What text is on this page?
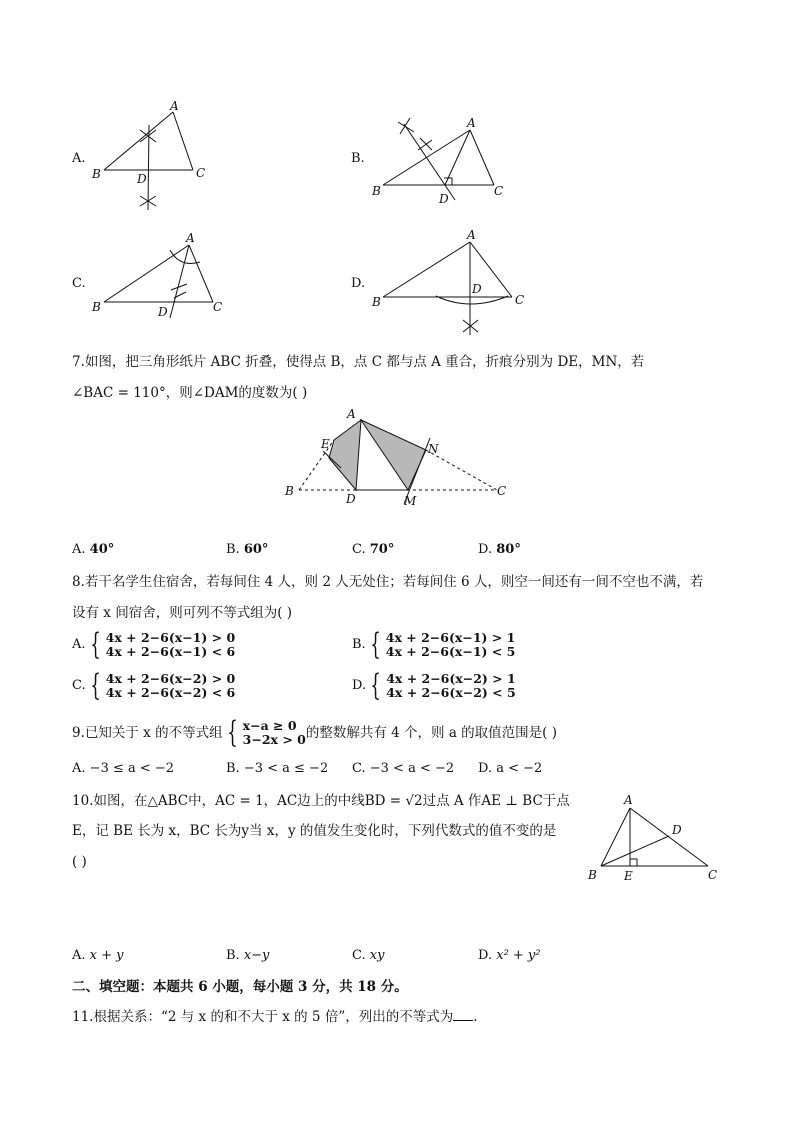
A.
A
B	C
D
B.
A
B	C
D
C.
A
B	C
D
D.
A
B	C
D
7.如图，把三角形纸片 ABC 折叠，使得点 B，点 C 都与点 A 重合，折痕分别为 DE，MN，若
∠BAC = 110°，则∠DAM的度数为( )
A
E	N
B	C
D	M
A. 40°	B. 60°	C. 70°	D. 80°
8.若干名学生住宿舍，若每间住 4 人，则 2 人无处住；若每间住 6 人，则空一间还有一间不空也不满，若
设有 x 间宿舍，则可列不等式组为( )
A. { 4x + 2−6(x−1) > 0
4x + 2−6(x−1) < 6	B. { 4x + 2−6(x−1) > 1
4x + 2−6(x−1) < 5
C. { 4x + 2−6(x−2) > 0
4x + 2−6(x−2) < 6	D. { 4x + 2−6(x−2) > 1
4x + 2−6(x−2) < 5
9.已知关于 x 的不等式组 { x−a ≥ 0
3−2x > 0 的整数解共有 4 个，则 a 的取值范围是( )
A. −3 ≤ a < −2	B. −3 < a ≤ −2 C. −3 < a < −2 D. a < −2
10.如图，在△ABC中，AC = 1，AC边上的中线BD = √2过点 A 作AE ⊥ BC于点
E，记 BE 长为 x，BC 长为y当 x，y 的值发生变化时，下列代数式的值不变的是
( )
A
D
B E	C
A. x + y	B. x−y	C. xy	D. x² + y²
二、填空题：本题共 6 小题，每小题 3 分，共 18 分。
11.根据关系：“2 与 x 的和不大于 x 的 5 倍”，列出的不等式为 .
